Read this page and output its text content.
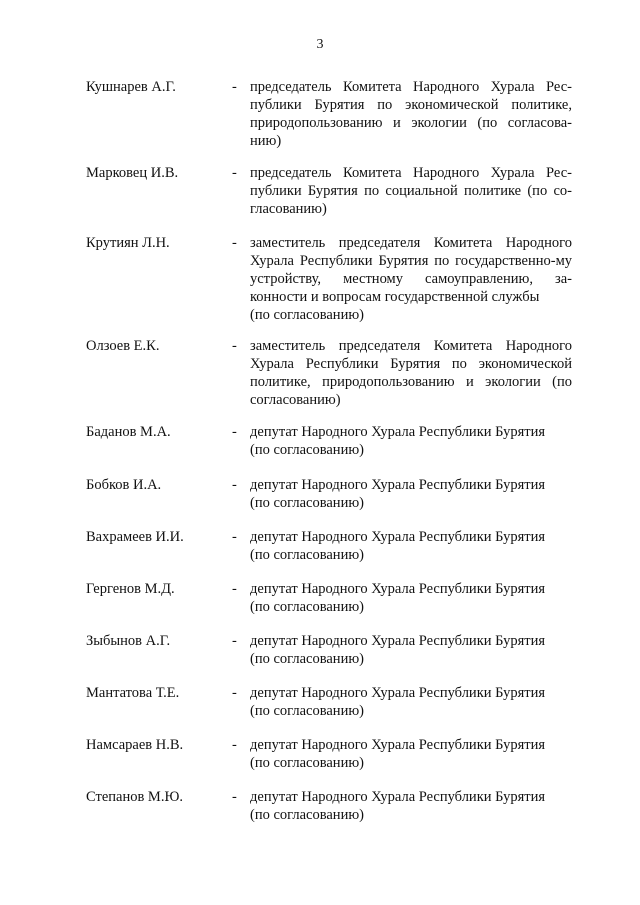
3
Кушнарев А.Г.	- председатель Комитета Народного Хурала Рес-публики Бурятия по экономической политике, природопользованию и экологии (по согласова-нию)
Марковец И.В.	- председатель Комитета Народного Хурала Рес-публики Бурятия по социальной политике (по со-гласованию)
Крутиян Л.Н.	- заместитель председателя Комитета Народного Хурала Республики Бурятия по государственно-му устройству, местному самоуправлению, за-конности и вопросам государственной службы
(по согласованию)
Олзоев Е.К.	- заместитель председателя Комитета Народного Хурала Республики Бурятия по экономической политике, природопользованию и экологии (по согласованию)
Баданов М.А.	- депутат Народного Хурала Республики Бурятия
(по согласованию)
Бобков И.А.	- депутат Народного Хурала Республики Бурятия
(по согласованию)
Вахрамеев И.И.	- депутат Народного Хурала Республики Бурятия
(по согласованию)
Гергенов М.Д.	- депутат Народного Хурала Республики Бурятия
(по согласованию)
Зыбынов А.Г.	- депутат Народного Хурала Республики Бурятия
(по согласованию)
Мантатова Т.Е.	- депутат Народного Хурала Республики Бурятия
(по согласованию)
Намсараев Н.В.	- депутат Народного Хурала Республики Бурятия
(по согласованию)
Степанов М.Ю.	- депутат Народного Хурала Республики Бурятия
(по согласованию)
